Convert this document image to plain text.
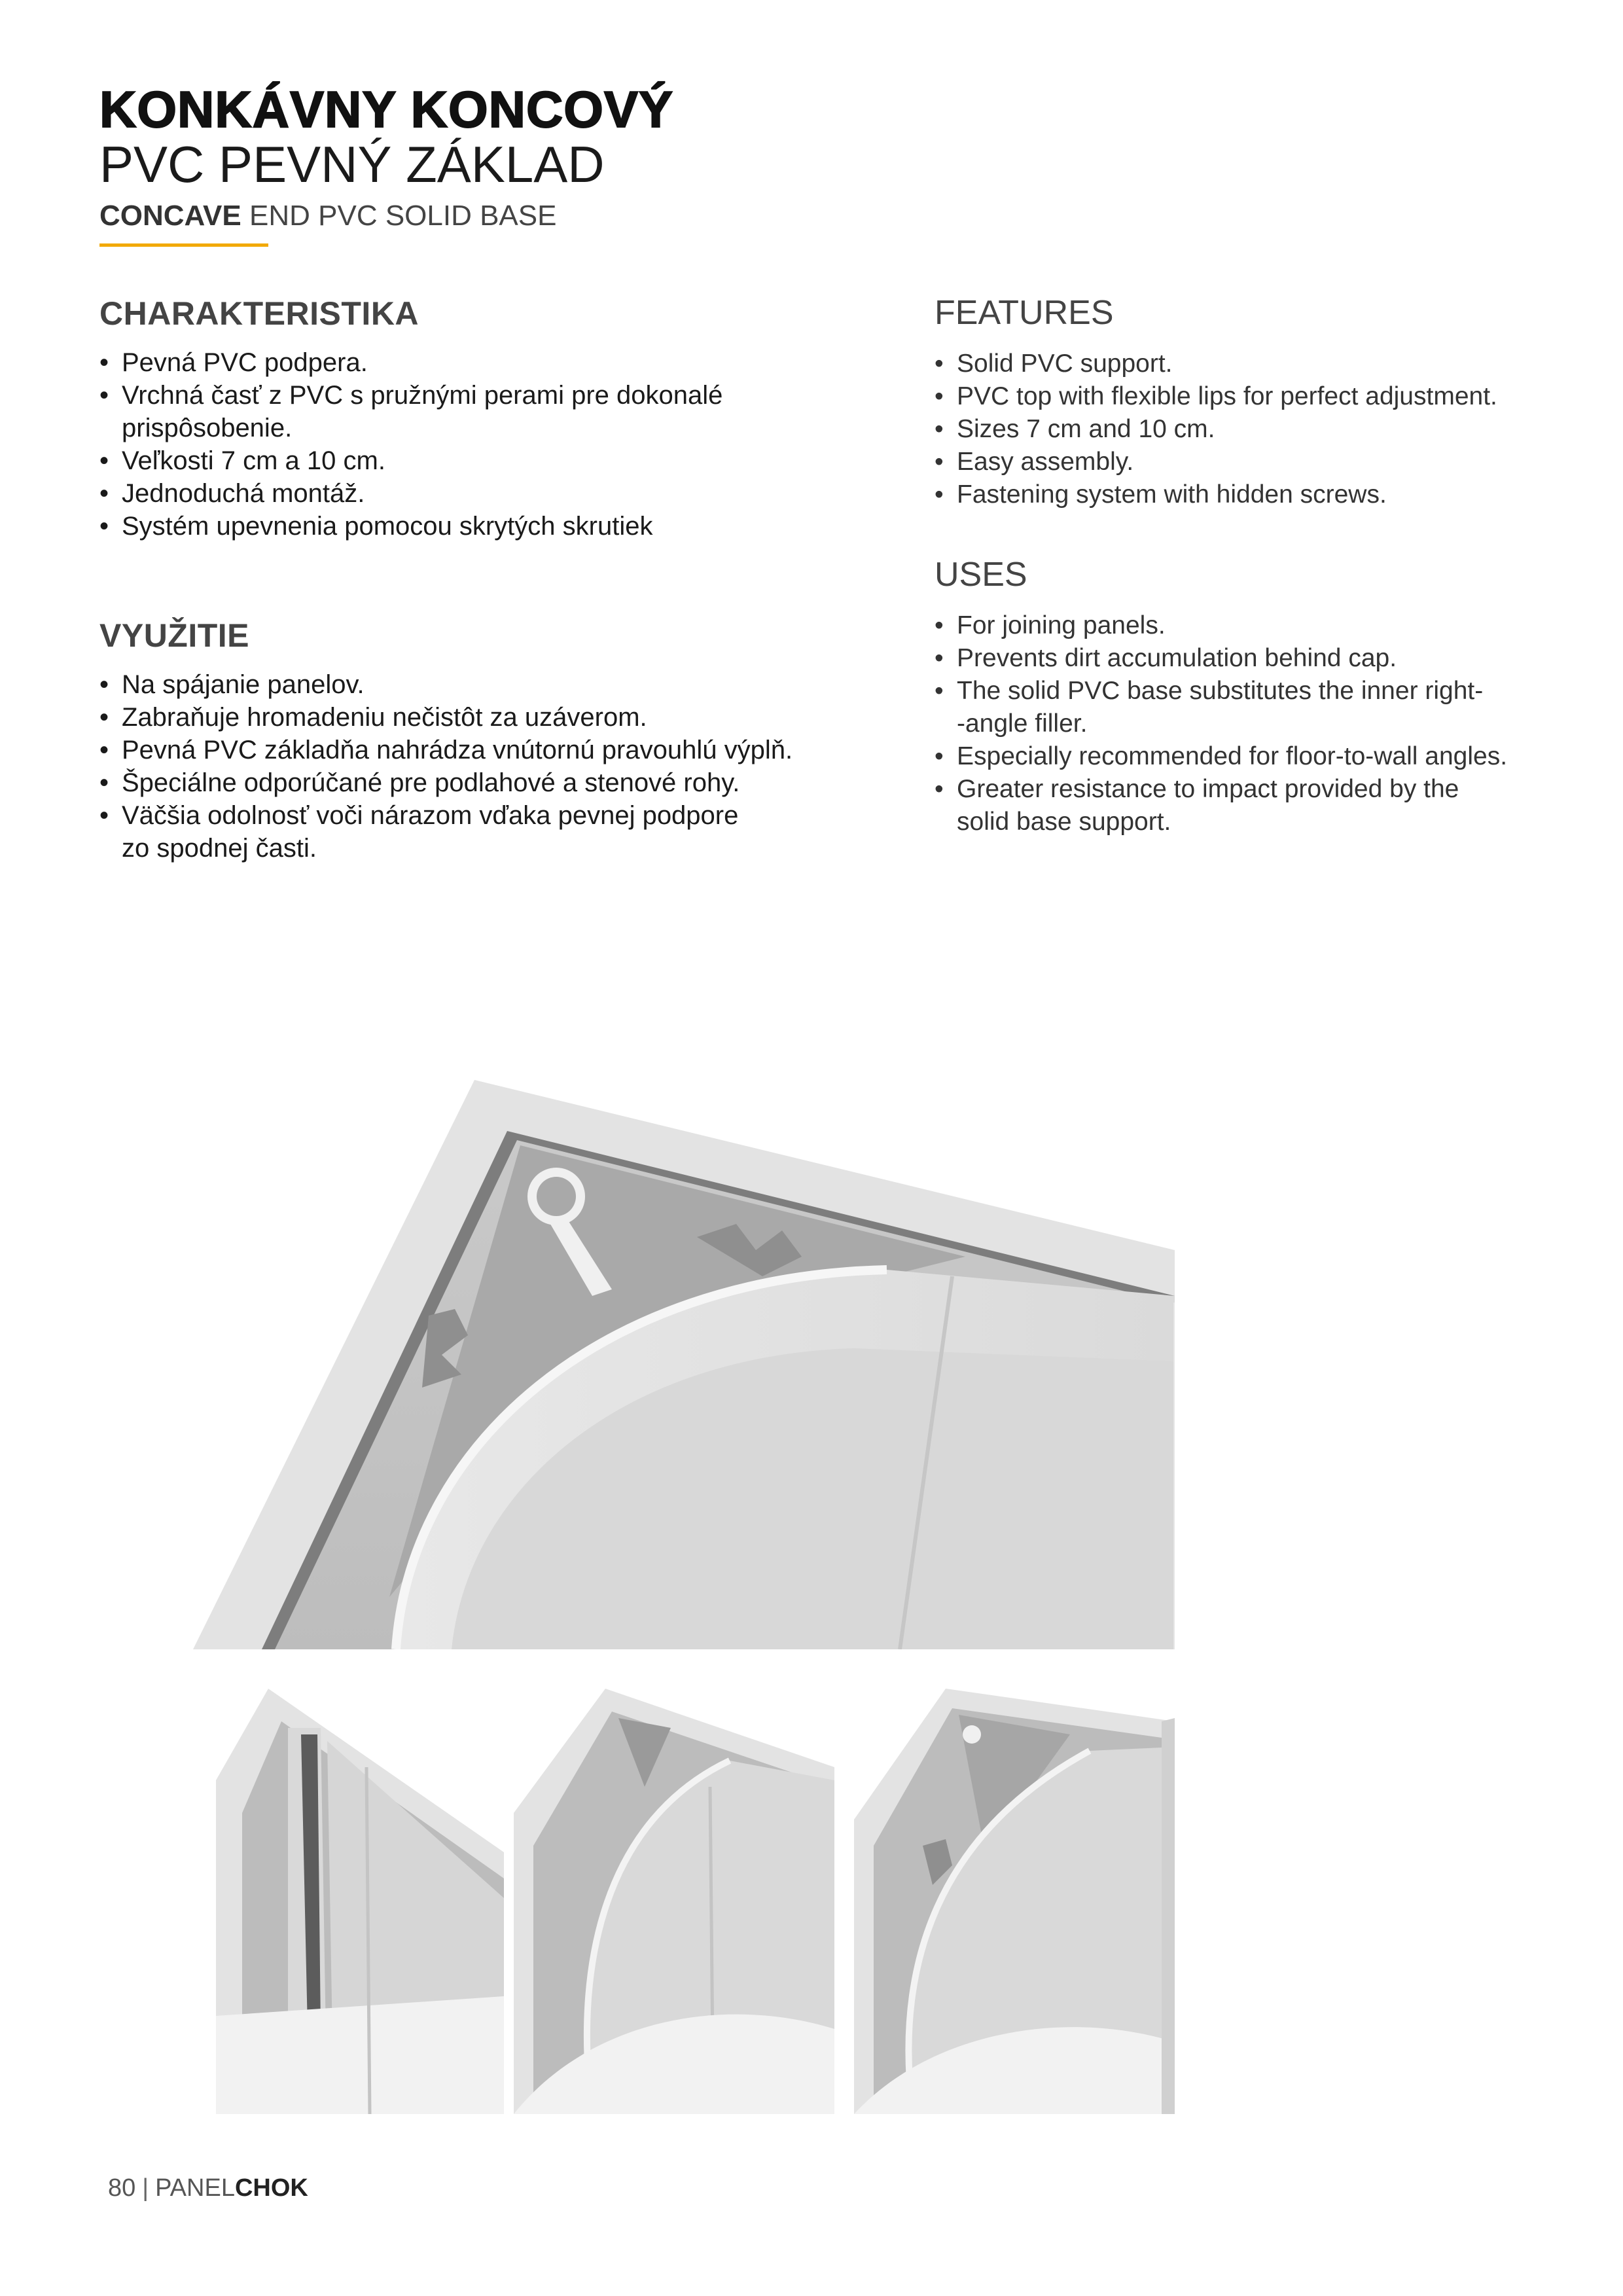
KONKÁVNY KONCOVÝ
PVC PEVNÝ ZÁKLAD
CONCAVE END PVC SOLID BASE
CHARAKTERISTIKA
• Pevná PVC podpera.
• Vrchná časť z PVC s pružnými perami pre dokonalé
prispôsobenie.
• Veľkosti 7 cm a 10 cm.
• Jednoduchá montáž.
• Systém upevnenia pomocou skrytých skrutiek
VYUŽITIE
• Na spájanie panelov.
• Zabraňuje hromadeniu nečistôt za uzáverom.
• Pevná PVC základňa nahrádza vnútornú pravouhlú výplň.
• Špeciálne odporúčané pre podlahové a stenové rohy.
• Väčšia odolnosť voči nárazom vďaka pevnej podpore
zo spodnej časti.
FEATURES
• Solid PVC support.
• PVC top with flexible lips for perfect adjustment.
• Sizes 7 cm and 10 cm.
• Easy assembly.
• Fastening system with hidden screws.
USES
• For joining panels.
• Prevents dirt accumulation behind cap.
• The solid PVC base substitutes the inner right-
-angle filler.
• Especially recommended for floor-to-wall angles.
• Greater resistance to impact provided by the
solid base support.
80 | PANELCHOK
